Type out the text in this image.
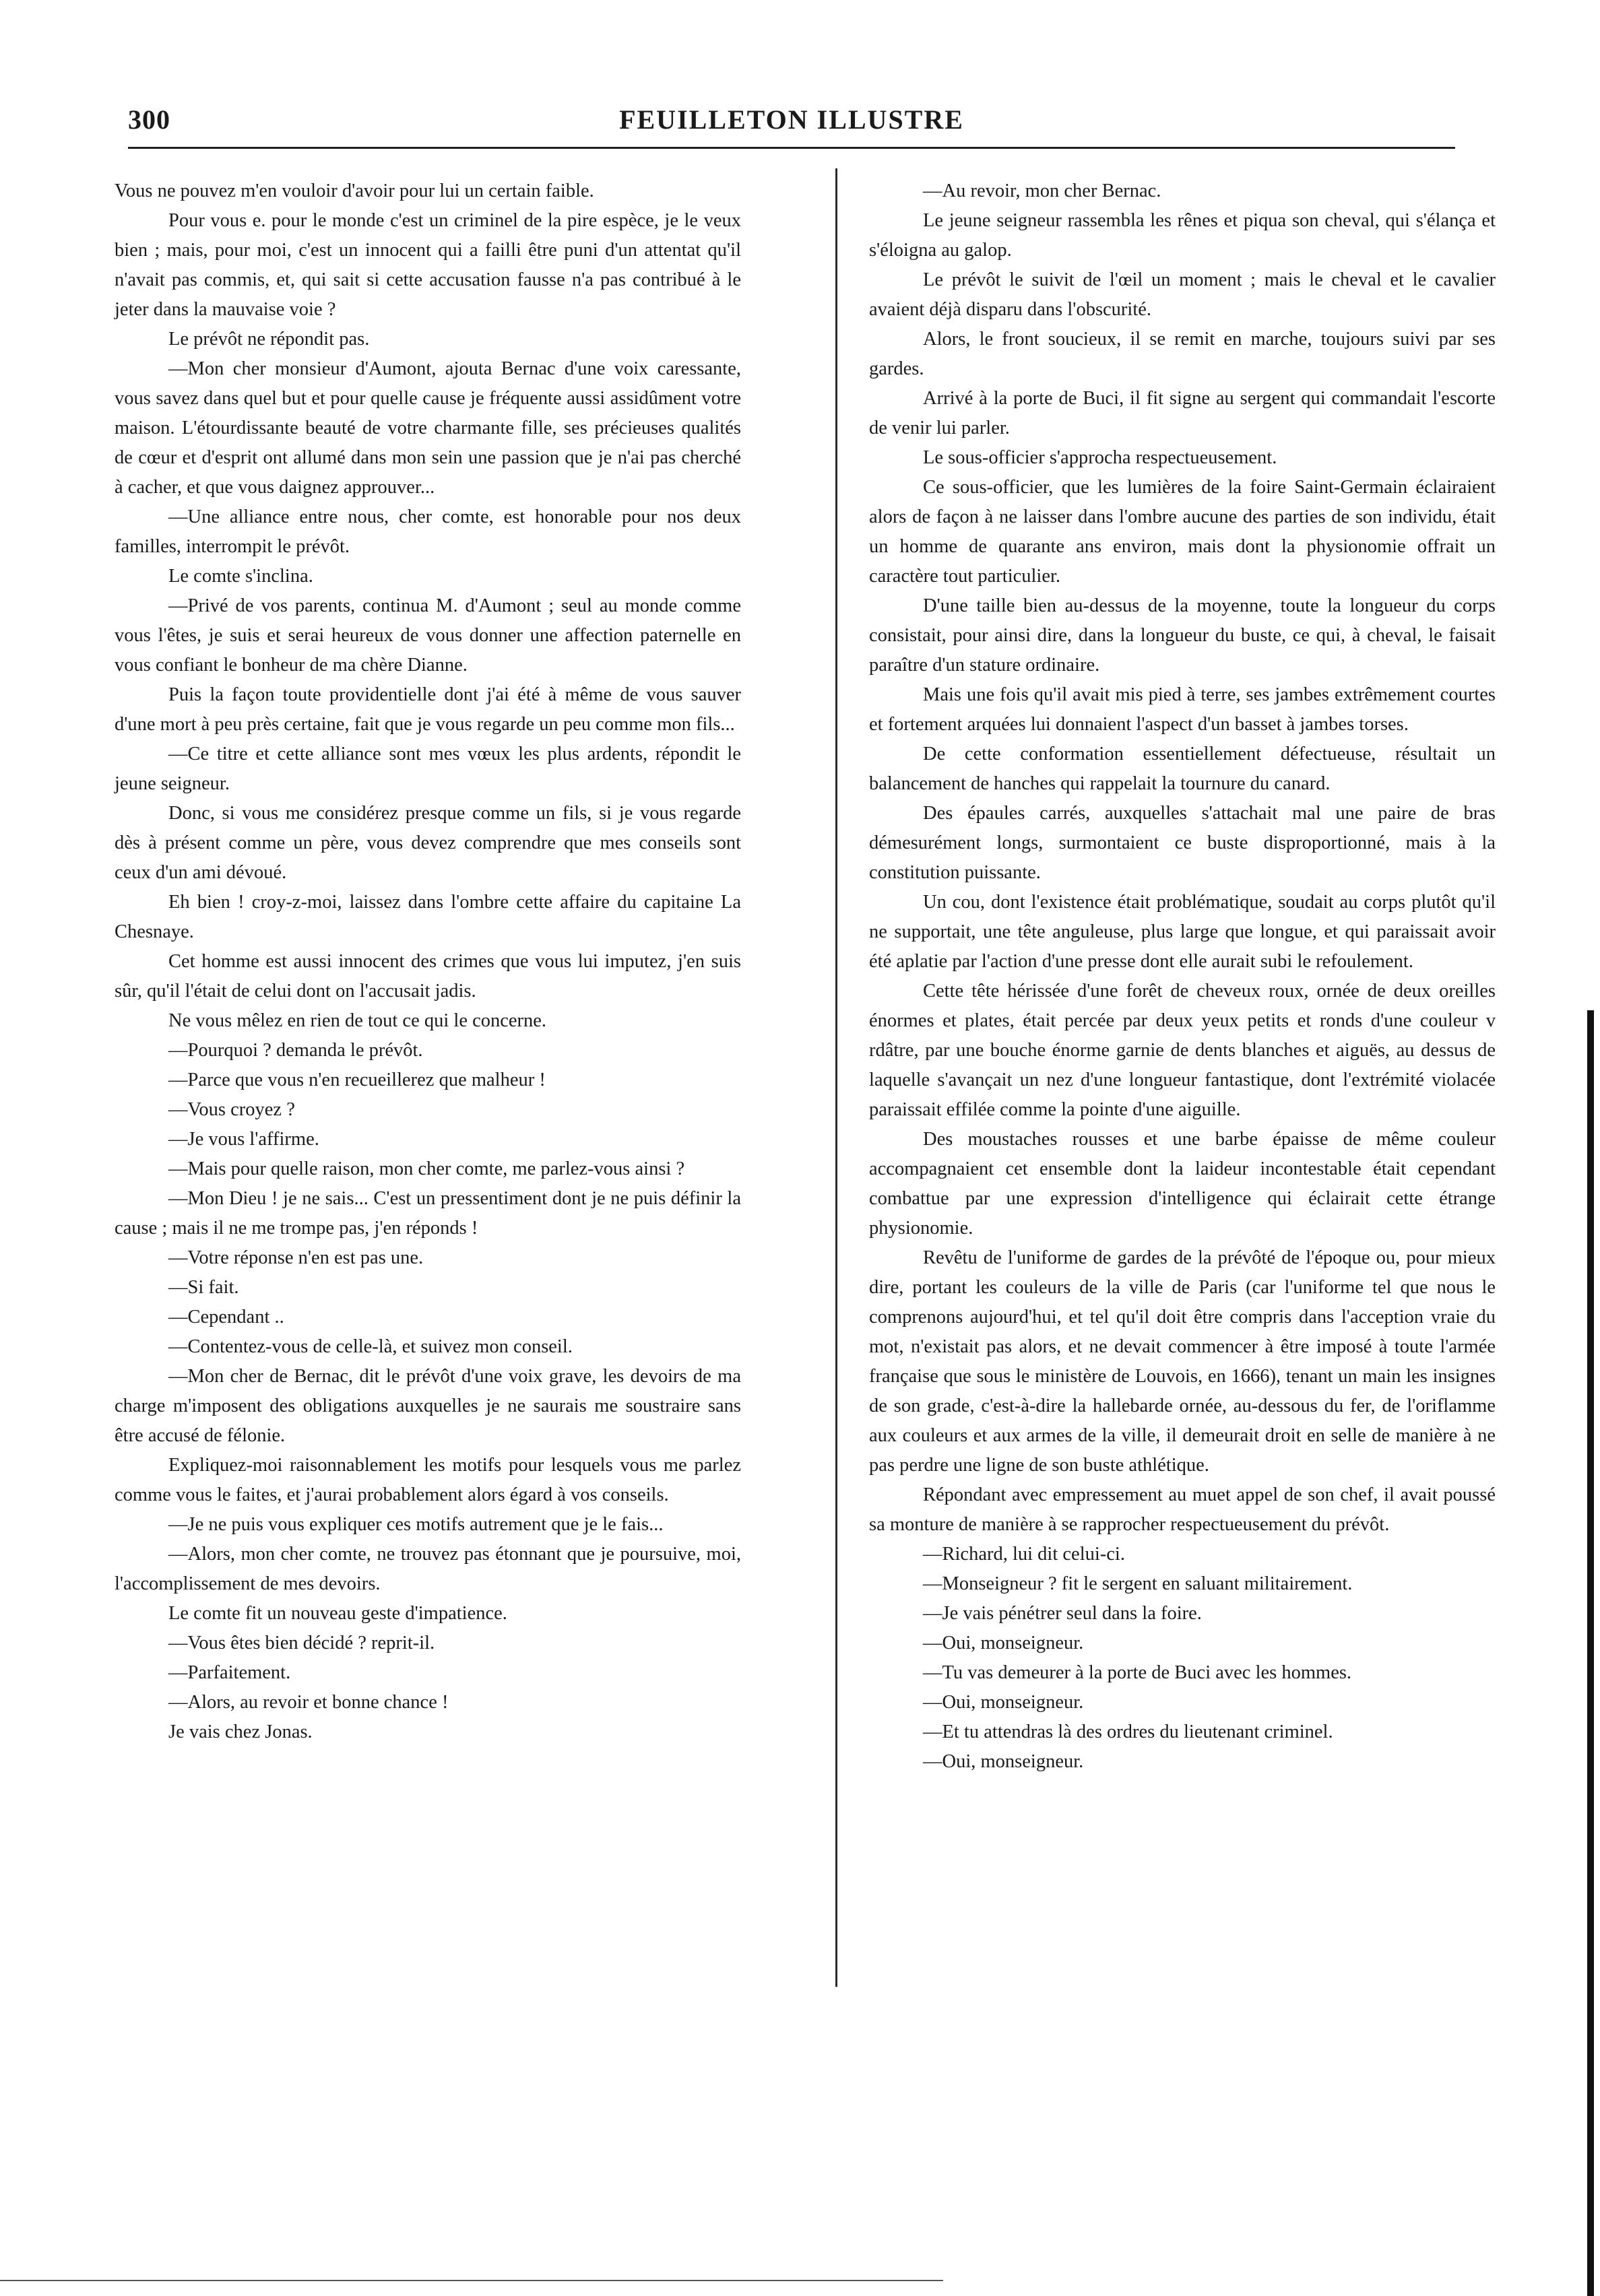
300	FEUILLETON ILLUSTRE

Vous ne pouvez m'en vouloir d'avoir pour lui un certain faible.

Pour vous e. pour le monde c'est un criminel de la pire espèce, je le veux bien ; mais, pour moi, c'est un innocent qui a failli être puni d'un attentat qu'il n'avait pas commis, et, qui sait si cette accusation fausse n'a pas contribué à le jeter dans la mauvaise voie ?

Le prévôt ne répondit pas.

—Mon cher monsieur d'Aumont, ajouta Bernac d'une voix caressante, vous savez dans quel but et pour quelle cause je fréquente aussi assidûment votre maison. L'étourdissante beauté de votre charmante fille, ses précieuses qualités de cœur et d'esprit ont allumé dans mon sein une passion que je n'ai pas cherché à cacher, et que vous daignez approuver...

—Une alliance entre nous, cher comte, est honorable pour nos deux familles, interrompit le prévôt.

Le comte s'inclina.

—Privé de vos parents, continua M. d'Aumont ; seul au monde comme vous l'êtes, je suis et serai heureux de vous donner une affection paternelle en vous confiant le bonheur de ma chère Dianne.

Puis la façon toute providentielle dont j'ai été à même de vous sauver d'une mort à peu près certaine, fait que je vous regarde un peu comme mon fils...

—Ce titre et cette alliance sont mes vœux les plus ardents, répondit le jeune seigneur.

Donc, si vous me considérez presque comme un fils, si je vous regarde dès à présent comme un père, vous devez comprendre que mes conseils sont ceux d'un ami dévoué.

Eh bien ! croy-z-moi, laissez dans l'ombre cette affaire du capitaine La Chesnaye.

Cet homme est aussi innocent des crimes que vous lui imputez, j'en suis sûr, qu'il l'était de celui dont on l'accusait jadis.

Ne vous mêlez en rien de tout ce qui le concerne.

—Pourquoi ? demanda le prévôt.

—Parce que vous n'en recueillerez que malheur !

—Vous croyez ?

—Je vous l'affirme.

—Mais pour quelle raison, mon cher comte, me parlez-vous ainsi ?

—Mon Dieu ! je ne sais... C'est un pressentiment dont je ne puis définir la cause ; mais il ne me trompe pas, j'en réponds !

—Votre réponse n'en est pas une.

—Si fait.

—Cependant ..

—Contentez-vous de celle-là, et suivez mon conseil.

—Mon cher de Bernac, dit le prévôt d'une voix grave, les devoirs de ma charge m'imposent des obligations auxquelles je ne saurais me soustraire sans être accusé de félonie.

Expliquez-moi raisonnablement les motifs pour lesquels vous me parlez comme vous le faites, et j'aurai probablement alors égard à vos conseils.

—Je ne puis vous expliquer ces motifs autrement que je le fais...

—Alors, mon cher comte, ne trouvez pas étonnant que je poursuive, moi, l'accomplissement de mes devoirs.

Le comte fit un nouveau geste d'impatience.

—Vous êtes bien décidé ? reprit-il.

—Parfaitement.

—Alors, au revoir et bonne chance !

Je vais chez Jonas.

—Au revoir, mon cher Bernac.

Le jeune seigneur rassembla les rênes et piqua son cheval, qui s'élança et s'éloigna au galop.

Le prévôt le suivit de l'œil un moment ; mais le cheval et le cavalier avaient déjà disparu dans l'obscurité.

Alors, le front soucieux, il se remit en marche, toujours suivi par ses gardes.

Arrivé à la porte de Buci, il fit signe au sergent qui commandait l'escorte de venir lui parler.

Le sous-officier s'approcha respectueusement.

Ce sous-officier, que les lumières de la foire Saint-Germain éclairaient alors de façon à ne laisser dans l'ombre aucune des parties de son individu, était un homme de quarante ans environ, mais dont la physionomie offrait un caractère tout particulier.

D'une taille bien au-dessus de la moyenne, toute la longueur du corps consistait, pour ainsi dire, dans la longueur du buste, ce qui, à cheval, le faisait paraître d'un stature ordinaire.

Mais une fois qu'il avait mis pied à terre, ses jambes extrêmement courtes et fortement arquées lui donnaient l'aspect d'un basset à jambes torses.

De cette conformation essentiellement défectueuse, résultait un balancement de hanches qui rappelait la tournure du canard.

Des épaules carrés, auxquelles s'attachait mal une paire de bras démesurément longs, surmontaient ce buste disproportionné, mais à la constitution puissante.

Un cou, dont l'existence était problématique, soudait au corps plutôt qu'il ne supportait, une tête anguleuse, plus large que longue, et qui paraissait avoir été aplatie par l'action d'une presse dont elle aurait subi le refoulement.

Cette tête hérissée d'une forêt de cheveux roux, ornée de deux oreilles énormes et plates, était percée par deux yeux petits et ronds d'une couleur v rdâtre, par une bouche énorme garnie de dents blanches et aiguës, au dessus de laquelle s'avançait un nez d'une longueur fantastique, dont l'extrémité violacée paraissait effilée comme la pointe d'une aiguille.

Des moustaches rousses et une barbe épaisse de même couleur accompagnaient cet ensemble dont la laideur incontestable était cependant combattue par une expression d'intelligence qui éclairait cette étrange physionomie.

Revêtu de l'uniforme de gardes de la prévôté de l'époque ou, pour mieux dire, portant les couleurs de la ville de Paris (car l'uniforme tel que nous le comprenons aujourd'hui, et tel qu'il doit être compris dans l'acception vraie du mot, n'existait pas alors, et ne devait commencer à être imposé à toute l'armée française que sous le ministère de Louvois, en 1666), tenant un main les insignes de son grade, c'est-à-dire la hallebarde ornée, au-dessous du fer, de l'oriflamme aux couleurs et aux armes de la ville, il demeurait droit en selle de manière à ne pas perdre une ligne de son buste athlétique.

Répondant avec empressement au muet appel de son chef, il avait poussé sa monture de manière à se rapprocher respectueusement du prévôt.

—Richard, lui dit celui-ci.

—Monseigneur ? fit le sergent en saluant militairement.

—Je vais pénétrer seul dans la foire.

—Oui, monseigneur.

—Tu vas demeurer à la porte de Buci avec les hommes.

—Oui, monseigneur.

—Et tu attendras là des ordres du lieutenant criminel.

—Oui, monseigneur.
